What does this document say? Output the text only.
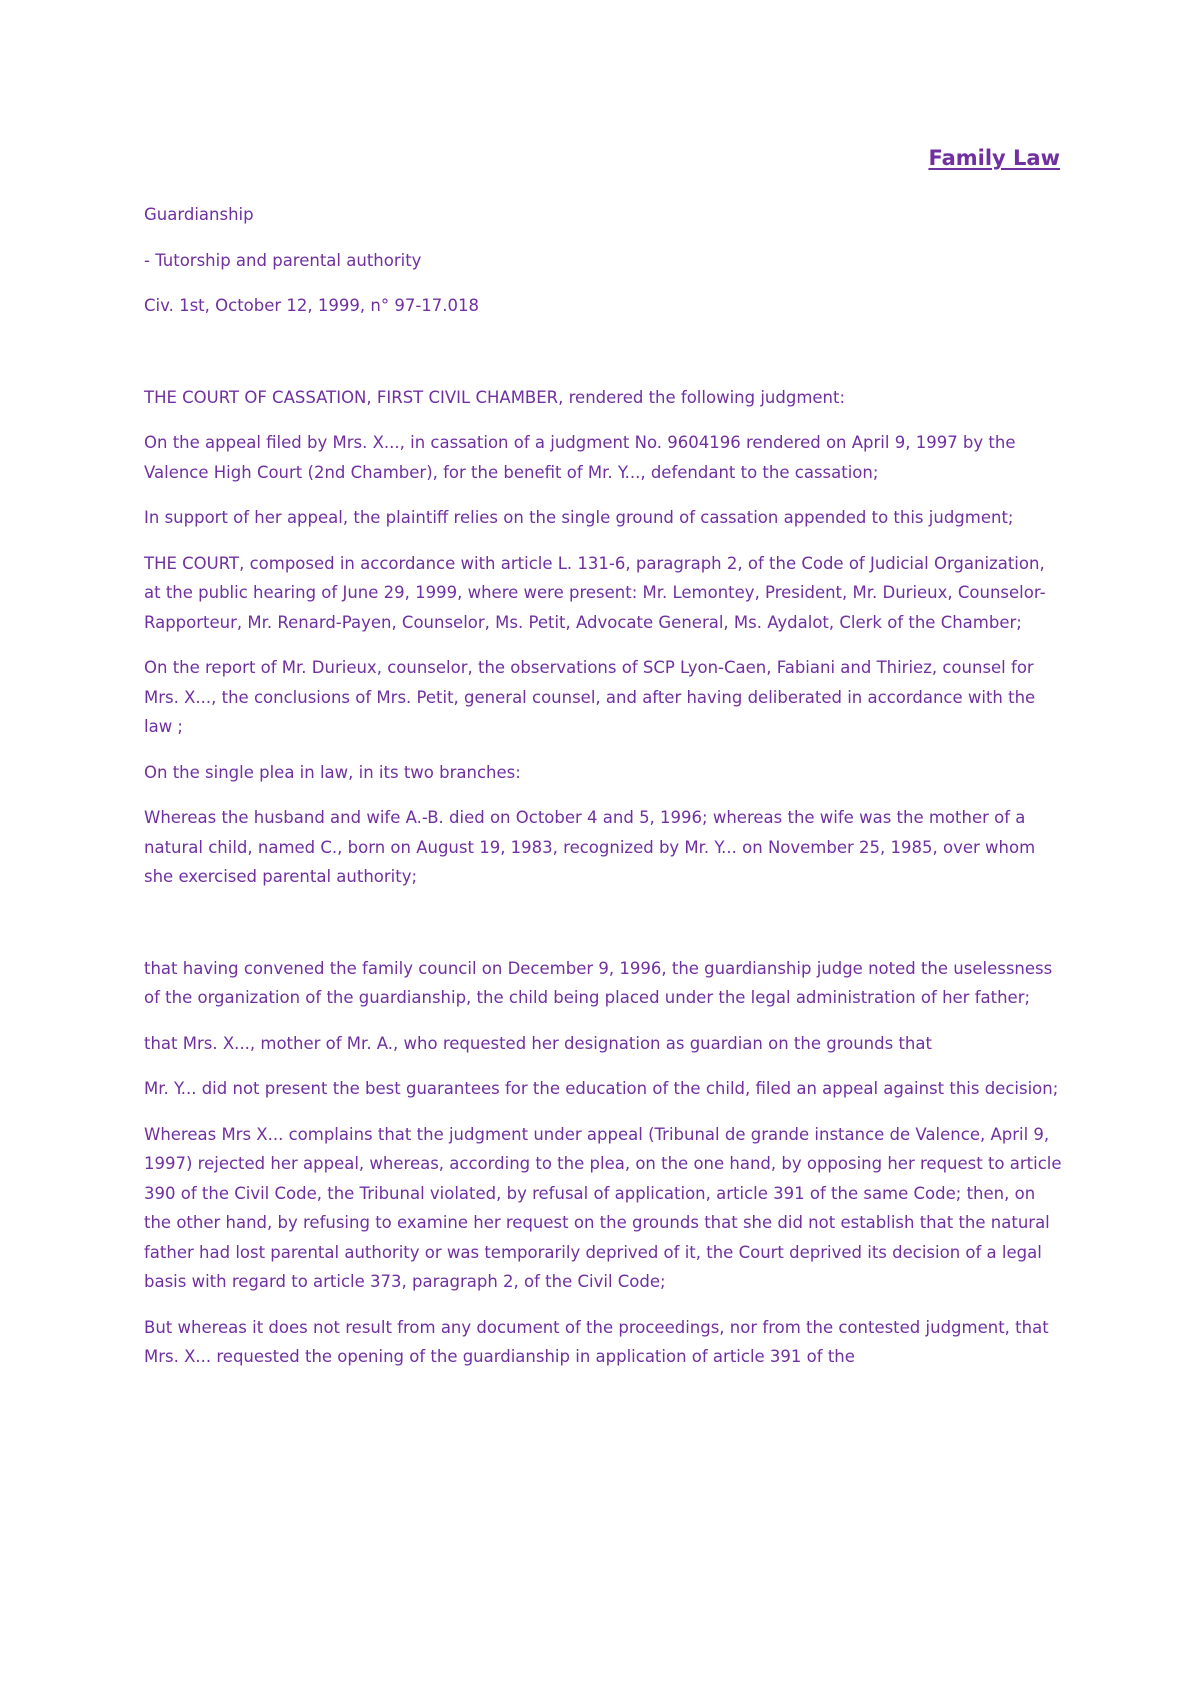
Family Law

Guardianship

- Tutorship and parental authority

Civ. 1st, October 12, 1999, n° 97-17.018

THE COURT OF CASSATION, FIRST CIVIL CHAMBER, rendered the following judgment:

On the appeal filed by Mrs. X..., in cassation of a judgment No. 9604196 rendered on April 9, 1997 by the Valence High Court (2nd Chamber), for the benefit of Mr. Y..., defendant to the cassation;

In support of her appeal, the plaintiff relies on the single ground of cassation appended to this judgment;

THE COURT, composed in accordance with article L. 131-6, paragraph 2, of the Code of Judicial Organization, at the public hearing of June 29, 1999, where were present: Mr. Lemontey, President, Mr. Durieux, Counselor-Rapporteur, Mr. Renard-Payen, Counselor, Ms. Petit, Advocate General, Ms. Aydalot, Clerk of the Chamber;

On the report of Mr. Durieux, counselor, the observations of SCP Lyon-Caen, Fabiani and Thiriez, counsel for Mrs. X..., the conclusions of Mrs. Petit, general counsel, and after having deliberated in accordance with the law ;

On the single plea in law, in its two branches:

Whereas the husband and wife A.-B. died on October 4 and 5, 1996; whereas the wife was the mother of a natural child, named C., born on August 19, 1983, recognized by Mr. Y... on November 25, 1985, over whom she exercised parental authority;

that having convened the family council on December 9, 1996, the guardianship judge noted the uselessness of the organization of the guardianship, the child being placed under the legal administration of her father;

that Mrs. X..., mother of Mr. A., who requested her designation as guardian on the grounds that

Mr. Y... did not present the best guarantees for the education of the child, filed an appeal against this decision;

Whereas Mrs X... complains that the judgment under appeal (Tribunal de grande instance de Valence, April 9, 1997) rejected her appeal, whereas, according to the plea, on the one hand, by opposing her request to article 390 of the Civil Code, the Tribunal violated, by refusal of application, article 391 of the same Code; then, on the other hand, by refusing to examine her request on the grounds that she did not establish that the natural father had lost parental authority or was temporarily deprived of it, the Court deprived its decision of a legal basis with regard to article 373, paragraph 2, of the Civil Code;

But whereas it does not result from any document of the proceedings, nor from the contested judgment, that Mrs. X... requested the opening of the guardianship in application of article 391 of the
